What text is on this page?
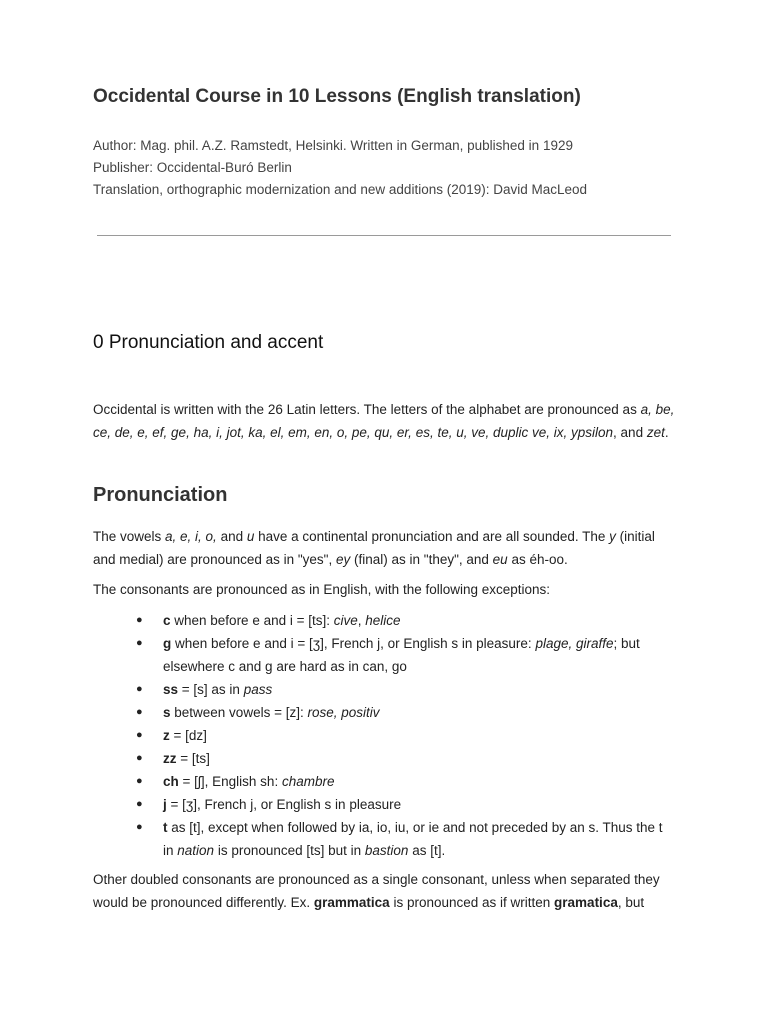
Occidental Course in 10 Lessons (English translation)
Author: Mag. phil. A.Z. Ramstedt, Helsinki. Written in German, published in 1929
Publisher: Occidental-Buró Berlin
Translation, orthographic modernization and new additions (2019): David MacLeod
0 Pronunciation and accent

Occidental is written with the 26 Latin letters. The letters of the alphabet are pronounced as a, be, ce, de, e, ef, ge, ha, i, jot, ka, el, em, en, o, pe, qu, er, es, te, u, ve, duplic ve, ix, ypsilon, and zet.

Pronunciation

The vowels a, e, i, o, and u have a continental pronunciation and are all sounded. The y (initial and medial) are pronounced as in "yes", ey (final) as in "they", and eu as éh-oo.

The consonants are pronounced as in English, with the following exceptions:

● c when before e and i = [ts]: cive, helice
● g when before e and i = [ʒ], French j, or English s in pleasure: plage, giraffe; but elsewhere c and g are hard as in can, go
● ss = [s] as in pass
● s between vowels = [z]: rose, positiv
● z = [dz]
● zz = [ts]
● ch = [ʃ], English sh: chambre
● j = [ʒ], French j, or English s in pleasure
● t as [t], except when followed by ia, io, iu, or ie and not preceded by an s. Thus the t in nation is pronounced [ts] but in bastion as [t].

Other doubled consonants are pronounced as a single consonant, unless when separated they would be pronounced differently. Ex. grammatica is pronounced as if written gramatica, but
